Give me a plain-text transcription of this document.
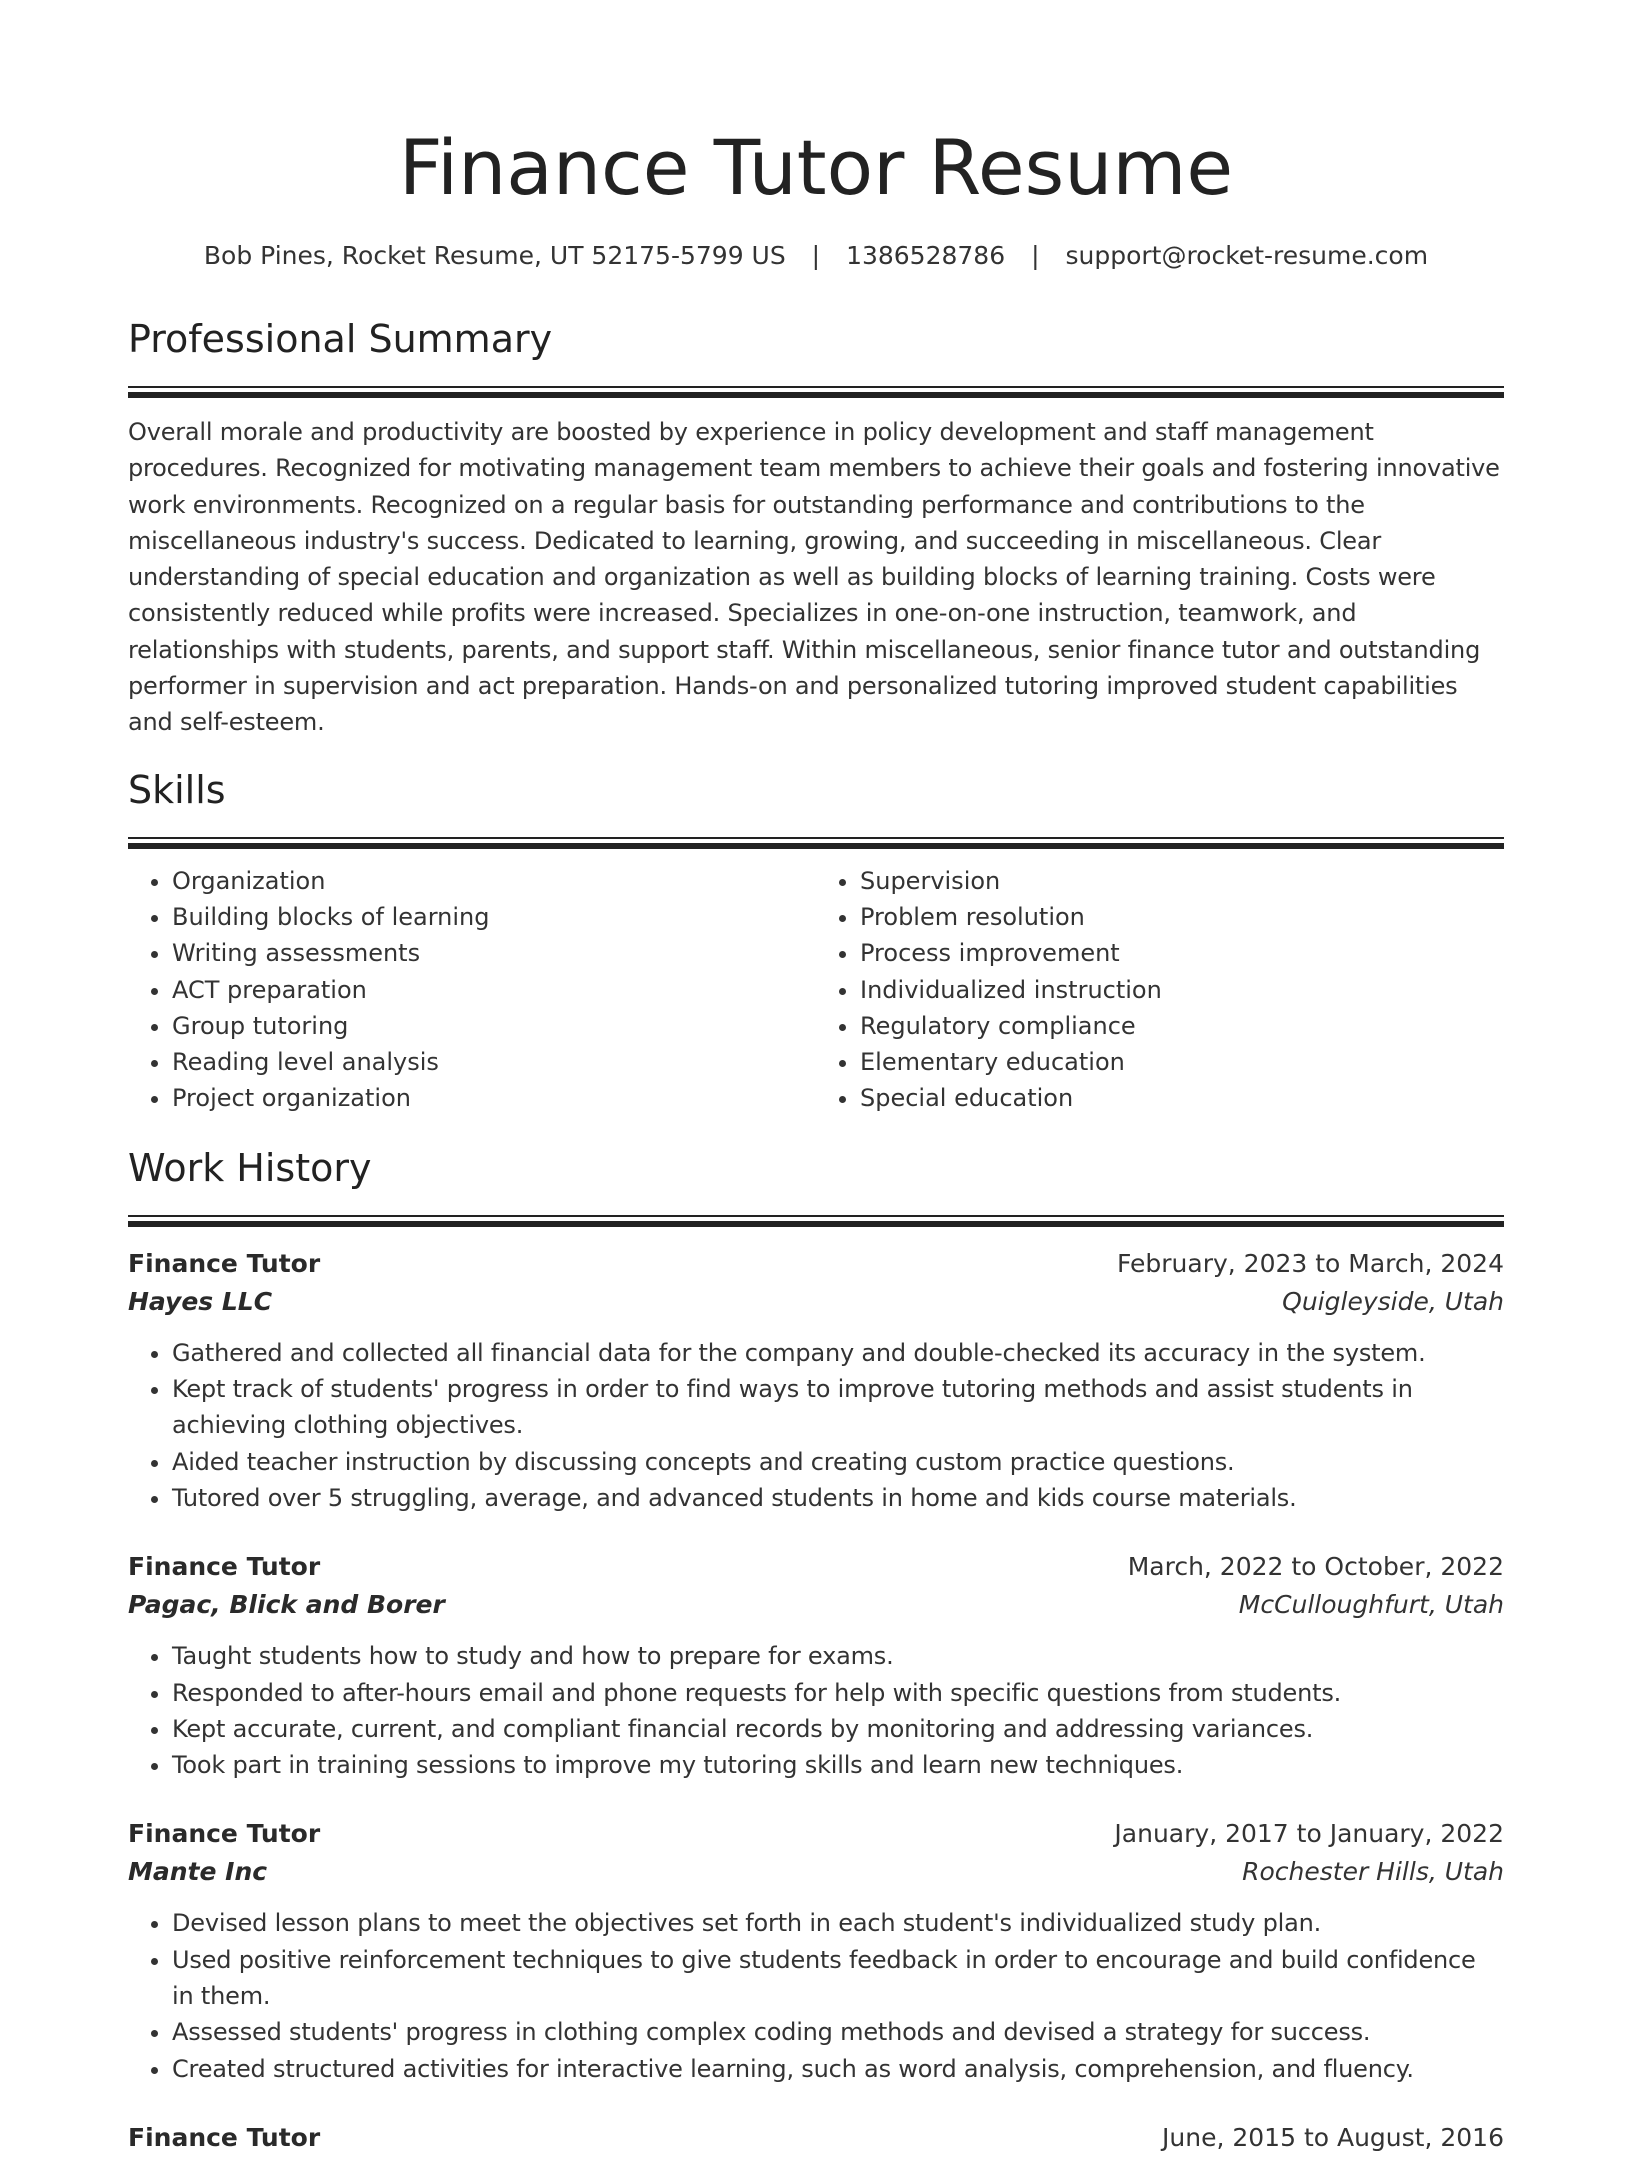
Finance Tutor Resume
Bob Pines, Rocket Resume, UT 52175-5799 US | 1386528786 | support@rocket-resume.com
Professional Summary

Overall morale and productivity are boosted by experience in policy development and staff management procedures. Recognized for motivating management team members to achieve their goals and fostering innovative work environments. Recognized on a regular basis for outstanding performance and contributions to the miscellaneous industry's success. Dedicated to learning, growing, and succeeding in miscellaneous. Clear understanding of special education and organization as well as building blocks of learning training. Costs were consistently reduced while profits were increased. Specializes in one-on-one instruction, teamwork, and relationships with students, parents, and support staff. Within miscellaneous, senior finance tutor and outstanding performer in supervision and act preparation. Hands-on and personalized tutoring improved student capabilities and self-esteem.

Skills
• Organization
• Building blocks of learning
• Writing assessments
• ACT preparation
• Group tutoring
• Reading level analysis
• Project organization
• Supervision
• Problem resolution
• Process improvement
• Individualized instruction
• Regulatory compliance
• Elementary education
• Special education
Work History
Finance Tutor	February, 2023 to March, 2024
Hayes LLC	Quigleyside, Utah
• Gathered and collected all financial data for the company and double-checked its accuracy in the system.
• Kept track of students' progress in order to find ways to improve tutoring methods and assist students in achieving clothing objectives.
• Aided teacher instruction by discussing concepts and creating custom practice questions.
• Tutored over 5 struggling, average, and advanced students in home and kids course materials.
Finance Tutor	March, 2022 to October, 2022
Pagac, Blick and Borer	McCulloughfurt, Utah
• Taught students how to study and how to prepare for exams.
• Responded to after-hours email and phone requests for help with specific questions from students.
• Kept accurate, current, and compliant financial records by monitoring and addressing variances.
• Took part in training sessions to improve my tutoring skills and learn new techniques.
Finance Tutor	January, 2017 to January, 2022
Mante Inc	Rochester Hills, Utah
• Devised lesson plans to meet the objectives set forth in each student's individualized study plan.
• Used positive reinforcement techniques to give students feedback in order to encourage and build confidence in them.
• Assessed students' progress in clothing complex coding methods and devised a strategy for success.
• Created structured activities for interactive learning, such as word analysis, comprehension, and fluency.
Finance Tutor	June, 2015 to August, 2016
